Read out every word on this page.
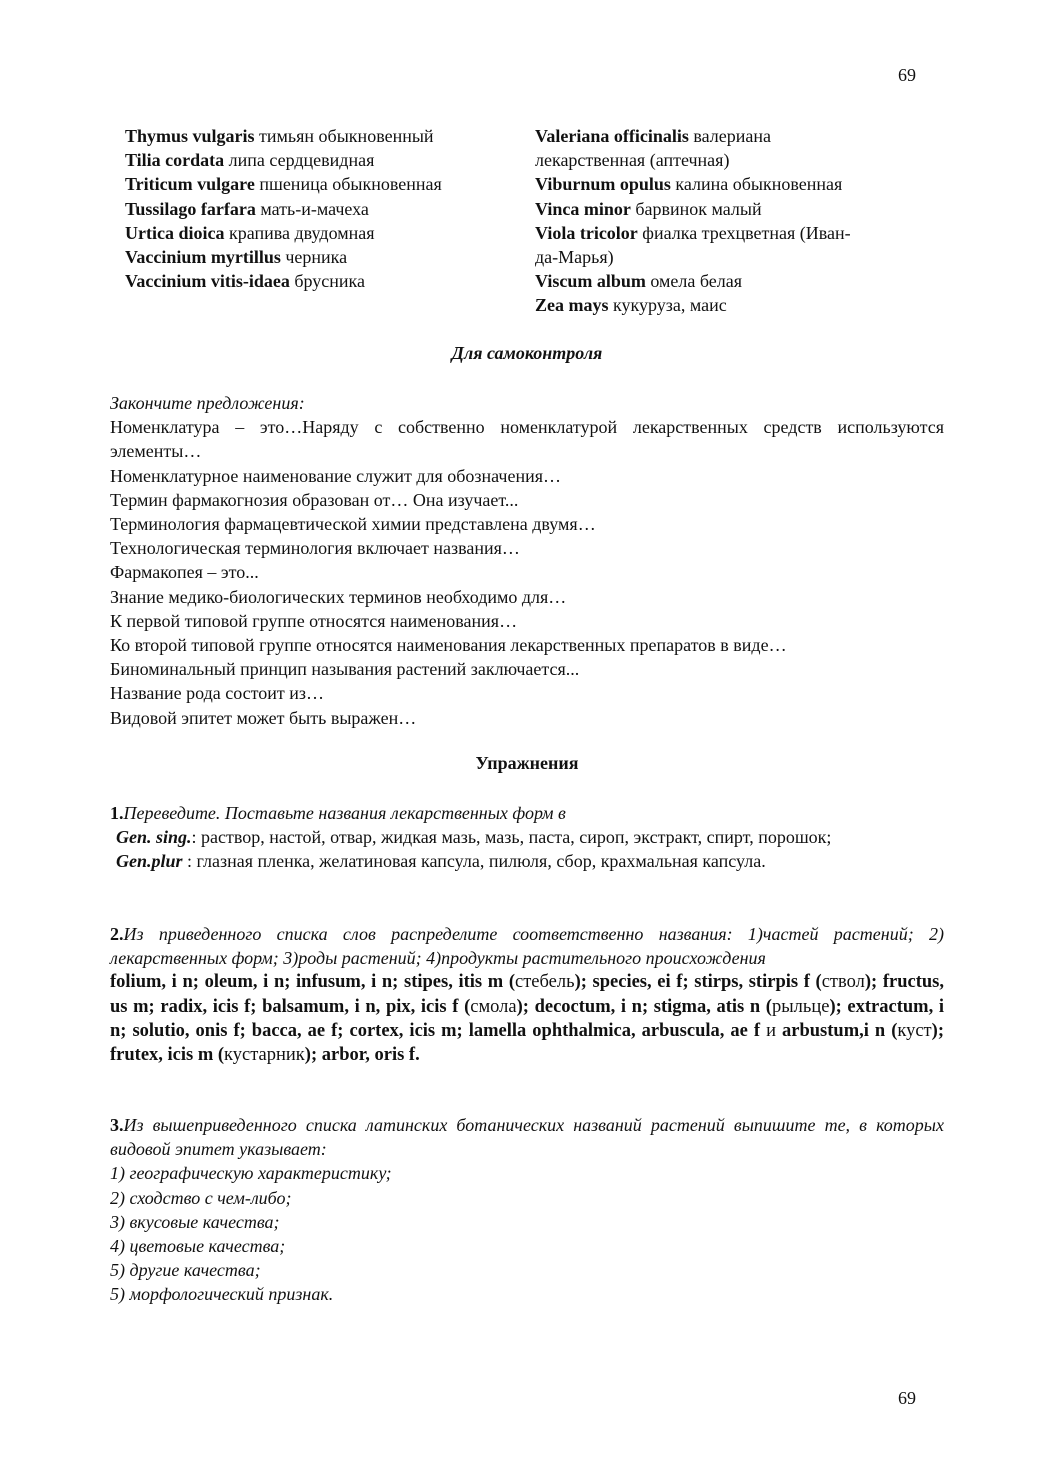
69
Thymus vulgaris тимьян обыкновенный
Tilia cordata липа сердцевидная
Triticum vulgare пшеница обыкновенная
Tussilago farfara мать-и-мачеха
Urtica dioica крапива двудомная
Vaccinium myrtillus черника
Vaccinium vitis-idaea брусника
Valeriana officinalis валериана лекарственная (аптечная)
Viburnum opulus калина обыкновенная
Vinca minor барвинок малый
Viola tricolor фиалка трехцветная (Иван-да-Марья)
Viscum album омела белая
Zea mays кукуруза, маис
Для самоконтроля
Закончите предложения:
Номенклатура – это…Наряду с собственно номенклатурой лекарственных средств используются элементы…
Номенклатурное наименование служит для обозначения…
Термин фармакогнозия образован от… Она изучает...
Терминология фармацевтической химии представлена двумя…
Технологическая терминология включает названия…
Фармакопея – это...
Знание медико-биологических терминов необходимо для…
К первой типовой группе относятся наименования…
Ко второй типовой группе относятся наименования лекарственных препаратов в виде…
Биноминальный принцип называния растений заключается...
Название рода состоит из…
Видовой эпитет может быть выражен…
Упражнения
1.Переведите. Поставьте названия лекарственных форм в
Gen. sing.: раствор, настой, отвар, жидкая мазь, мазь, паста, сироп, экстракт, спирт, порошок;
Gen.plur : глазная пленка, желатиновая капсула, пилюля, сбор, крахмальная капсула.
2.Из приведенного списка слов распределите соответственно названия: 1)частей растений; 2) лекарственных форм; 3)роды растений; 4)продукты растительного происхождения
folium, i n; oleum, i n; infusum, i n; stipes, itis m (стебель); species, ei f; stirps, stirpis f (ствол); fructus, us m; radix, icis f; balsamum, i n, pix, icis f (смола); decoctum, i n; stigma, atis n (рыльце); extractum, i n; solutio, onis f; bacca, ae f; cortex, icis m; lamella ophthalmica, arbuscula, ae f и arbustum,i n (куст); frutex, icis m (кустарник); arbor, oris f.
3.Из вышеприведенного списка латинских ботанических названий растений выпишите те, в которых видовой эпитет указывает:
1) географическую характеристику;
2) сходство с чем-либо;
3) вкусовые качества;
4) цветовые качества;
5) другие качества;
5) морфологический признак.
69
